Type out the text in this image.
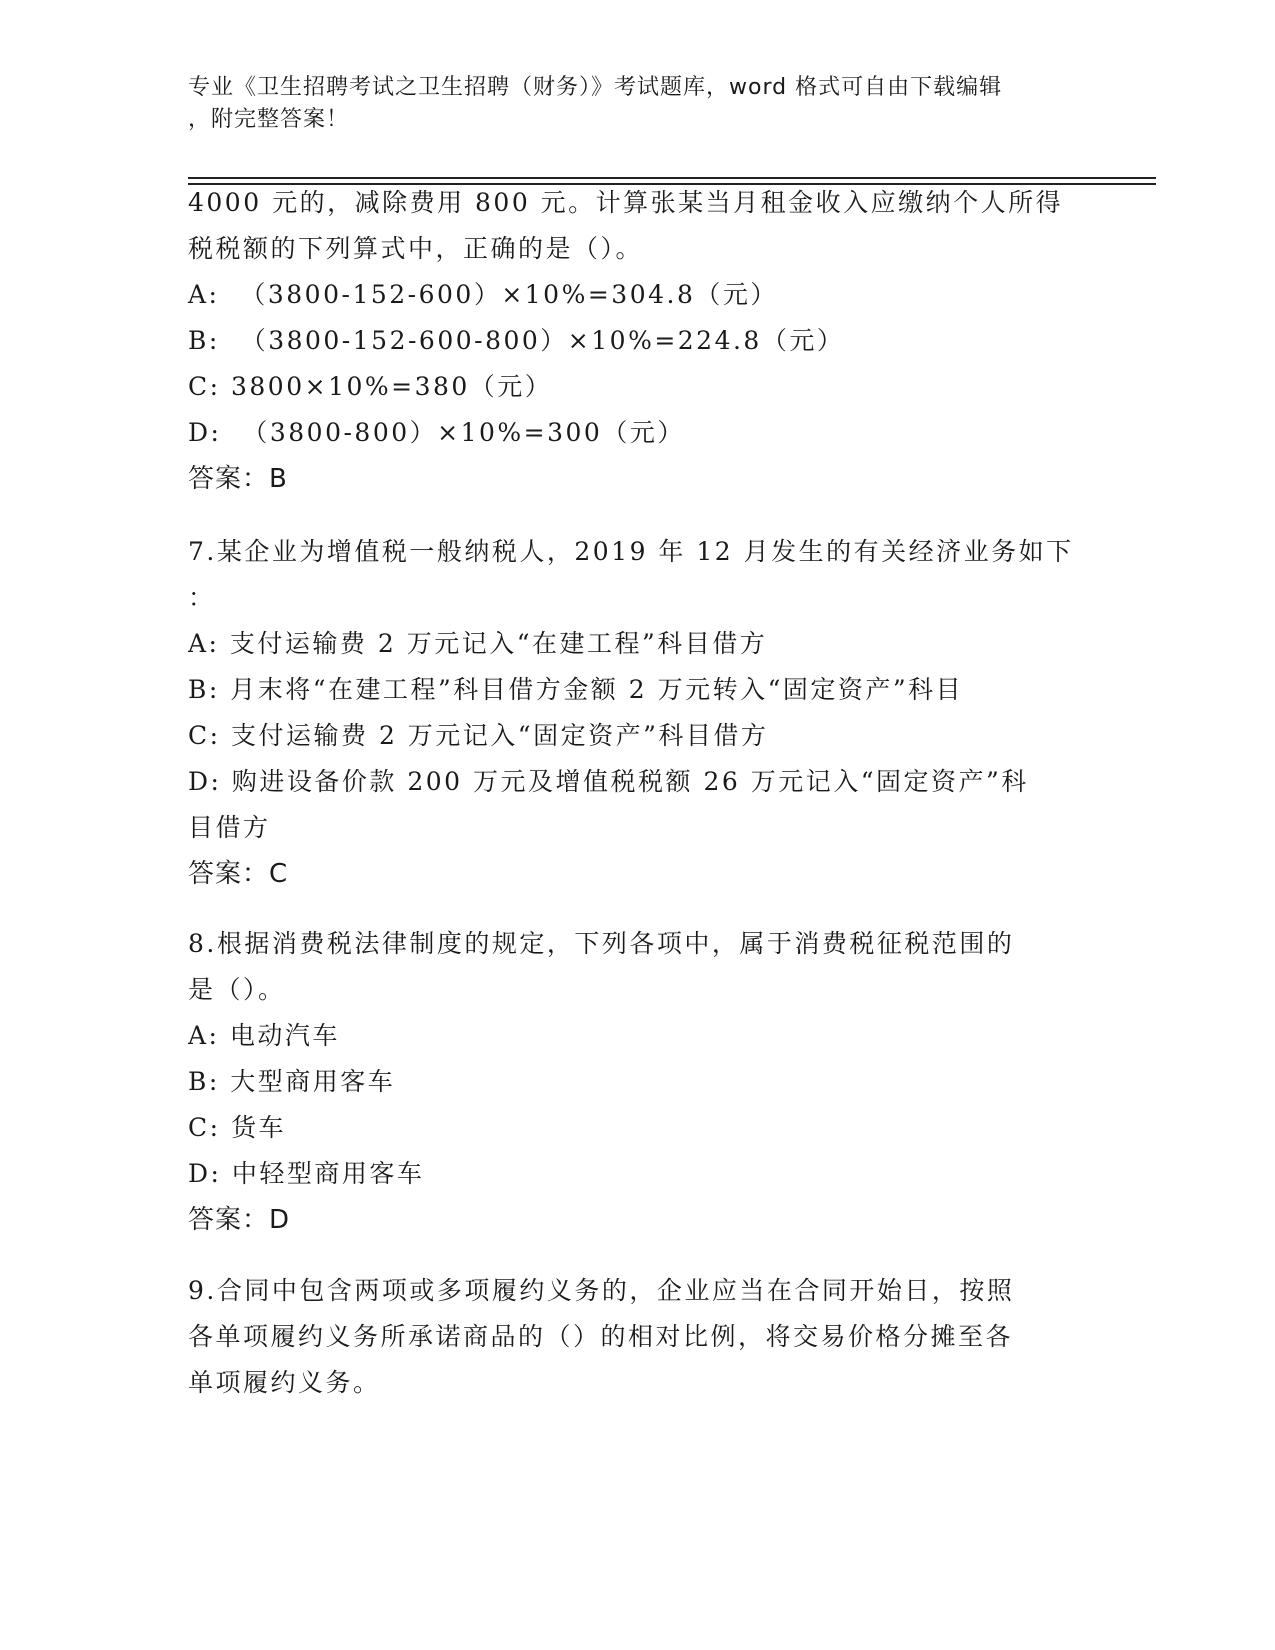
专业《卫生招聘考试之卫生招聘（财务）》考试题库，word 格式可自由下载编辑
，附完整答案！
4000 元的，减除费用 800 元。计算张某当月租金收入应缴纳个人所得
税税额的下列算式中，正确的是（）。
A:  （3800-152-600）×10%=304.8（元）
B:  （3800-152-600-800）×10%=224.8（元）
C: 3800×10%=380（元）
D:  （3800-800）×10%=300（元）
答案：B
7.某企业为增值税一般纳税人，2019 年 12 月发生的有关经济业务如下
：
A: 支付运输费 2 万元记入“在建工程”科目借方
B: 月末将“在建工程”科目借方金额 2 万元转入“固定资产”科目
C: 支付运输费 2 万元记入“固定资产”科目借方
D: 购进设备价款 200 万元及增值税税额 26 万元记入“固定资产”科
目借方
答案：C
8.根据消费税法律制度的规定，下列各项中，属于消费税征税范围的
是（）。
A: 电动汽车
B: 大型商用客车
C: 货车
D: 中轻型商用客车
答案：D
9.合同中包含两项或多项履约义务的，企业应当在合同开始日，按照
各单项履约义务所承诺商品的（）的相对比例，将交易价格分摊至各
单项履约义务。
